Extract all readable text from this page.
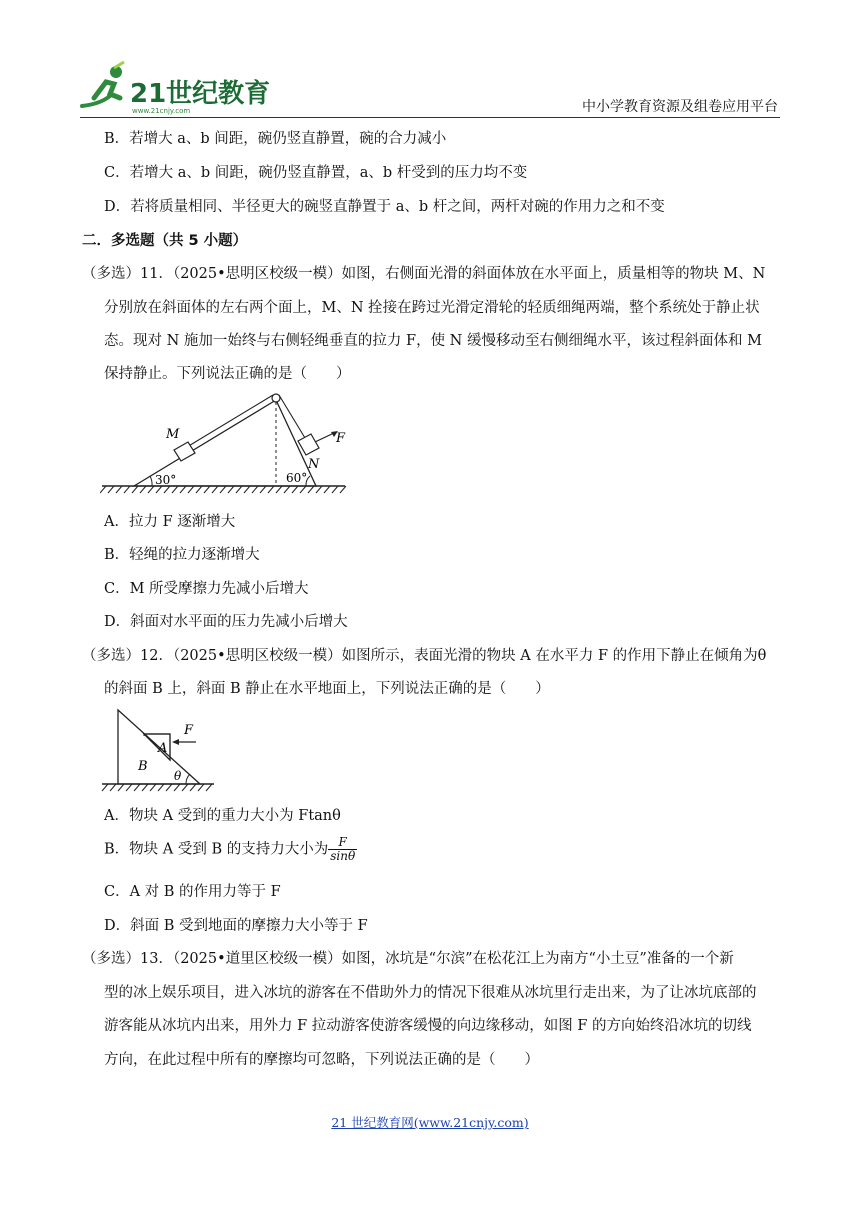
21世纪教育
www.21cnjy.com	中小学教育资源及组卷应用平台
B．若增大 a、b 间距，碗仍竖直静置，碗的合力减小
C．若增大 a、b 间距，碗仍竖直静置，a、b 杆受到的压力均不变
D．若将质量相同、半径更大的碗竖直静置于 a、b 杆之间，两杆对碗的作用力之和不变
二．多选题（共 5 小题）
（多选）11．（2025•思明区校级一模）如图，右侧面光滑的斜面体放在水平面上，质量相等的物块 M、N
分别放在斜面体的左右两个面上，M、N 拴接在跨过光滑定滑轮的轻质细绳两端，整个系统处于静止状
态。现对 N 施加一始终与右侧轻绳垂直的拉力 F，使 N 缓慢移动至右侧细绳水平，该过程斜面体和 M
保持静止。下列说法正确的是（　　）
M
N
F
30°	60°
A．拉力 F 逐渐增大
B．轻绳的拉力逐渐增大
C．M 所受摩擦力先减小后增大
D．斜面对水平面的压力先减小后增大
（多选）12．（2025•思明区校级一模）如图所示，表面光滑的物块 A 在水平力 F 的作用下静止在倾角为θ
的斜面 B 上，斜面 B 静止在水平地面上，下列说法正确的是（　　）
F
A
B
θ
A．物块 A 受到的重力大小为 Ftanθ
B．物块 A 受到 B 的支持力大小为 $\frac{F}{\sin\theta}$
C．A 对 B 的作用力等于 F
D．斜面 B 受到地面的摩擦力大小等于 F
（多选）13．（2025•道里区校级一模）如图，冰坑是“尔滨”在松花江上为南方“小土豆”准备的一个新
型的冰上娱乐项目，进入冰坑的游客在不借助外力的情况下很难从冰坑里行走出来，为了让冰坑底部的
游客能从冰坑内出来，用外力 F 拉动游客使游客缓慢的向边缘移动，如图 F 的方向始终沿冰坑的切线
方向，在此过程中所有的摩擦均可忽略，下列说法正确的是（　　）
21 世纪教育网(www.21cnjy.com)
